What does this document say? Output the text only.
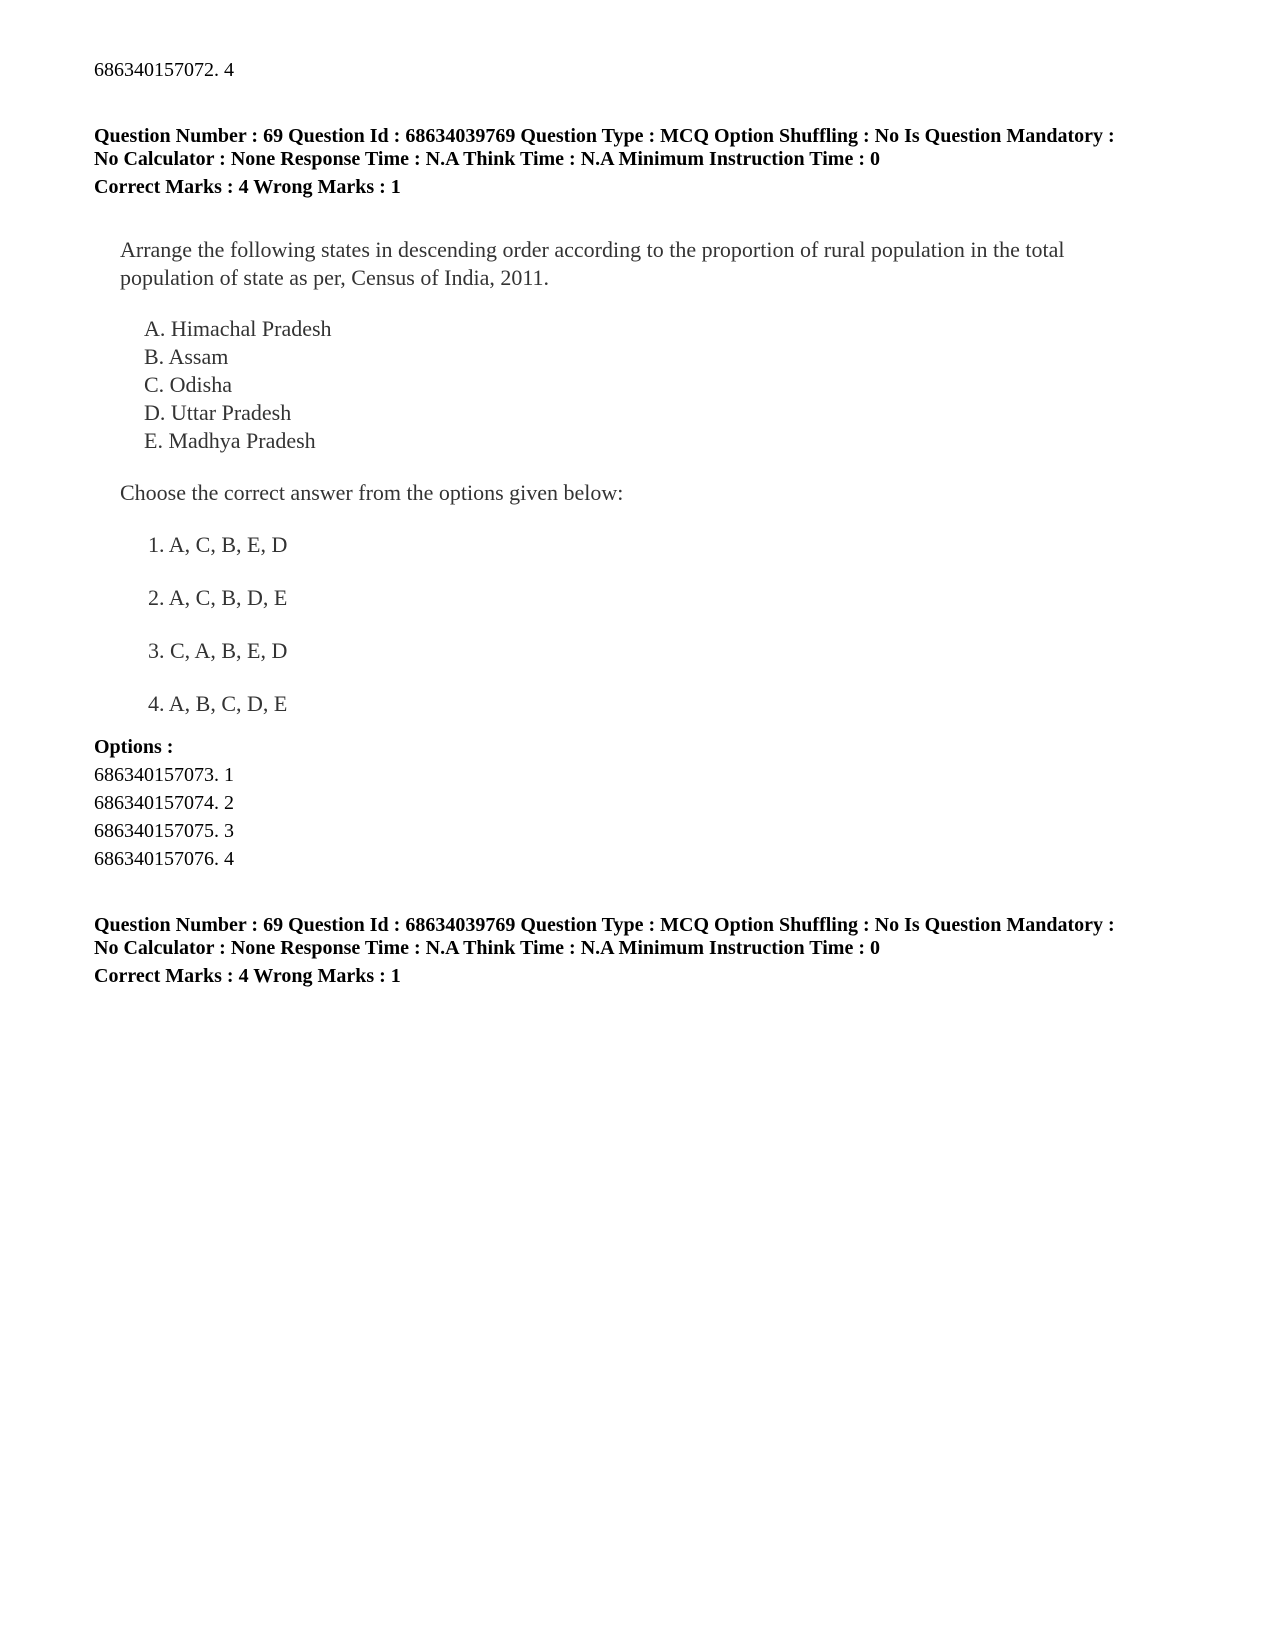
686340157072. 4
Question Number : 69 Question Id : 68634039769 Question Type : MCQ Option Shuffling : No Is Question Mandatory :
No Calculator : None Response Time : N.A Think Time : N.A Minimum Instruction Time : 0
Correct Marks : 4 Wrong Marks : 1
Arrange the following states in descending order according to the proportion of rural population in the total
population of state as per, Census of India, 2011.
A. Himachal Pradesh
B. Assam
C. Odisha
D. Uttar Pradesh
E. Madhya Pradesh
Choose the correct answer from the options given below:
1. A, C, B, E, D
2. A, C, B, D, E
3. C, A, B, E, D
4. A, B, C, D, E
Options :
686340157073. 1
686340157074. 2
686340157075. 3
686340157076. 4
Question Number : 69 Question Id : 68634039769 Question Type : MCQ Option Shuffling : No Is Question Mandatory :
No Calculator : None Response Time : N.A Think Time : N.A Minimum Instruction Time : 0
Correct Marks : 4 Wrong Marks : 1
